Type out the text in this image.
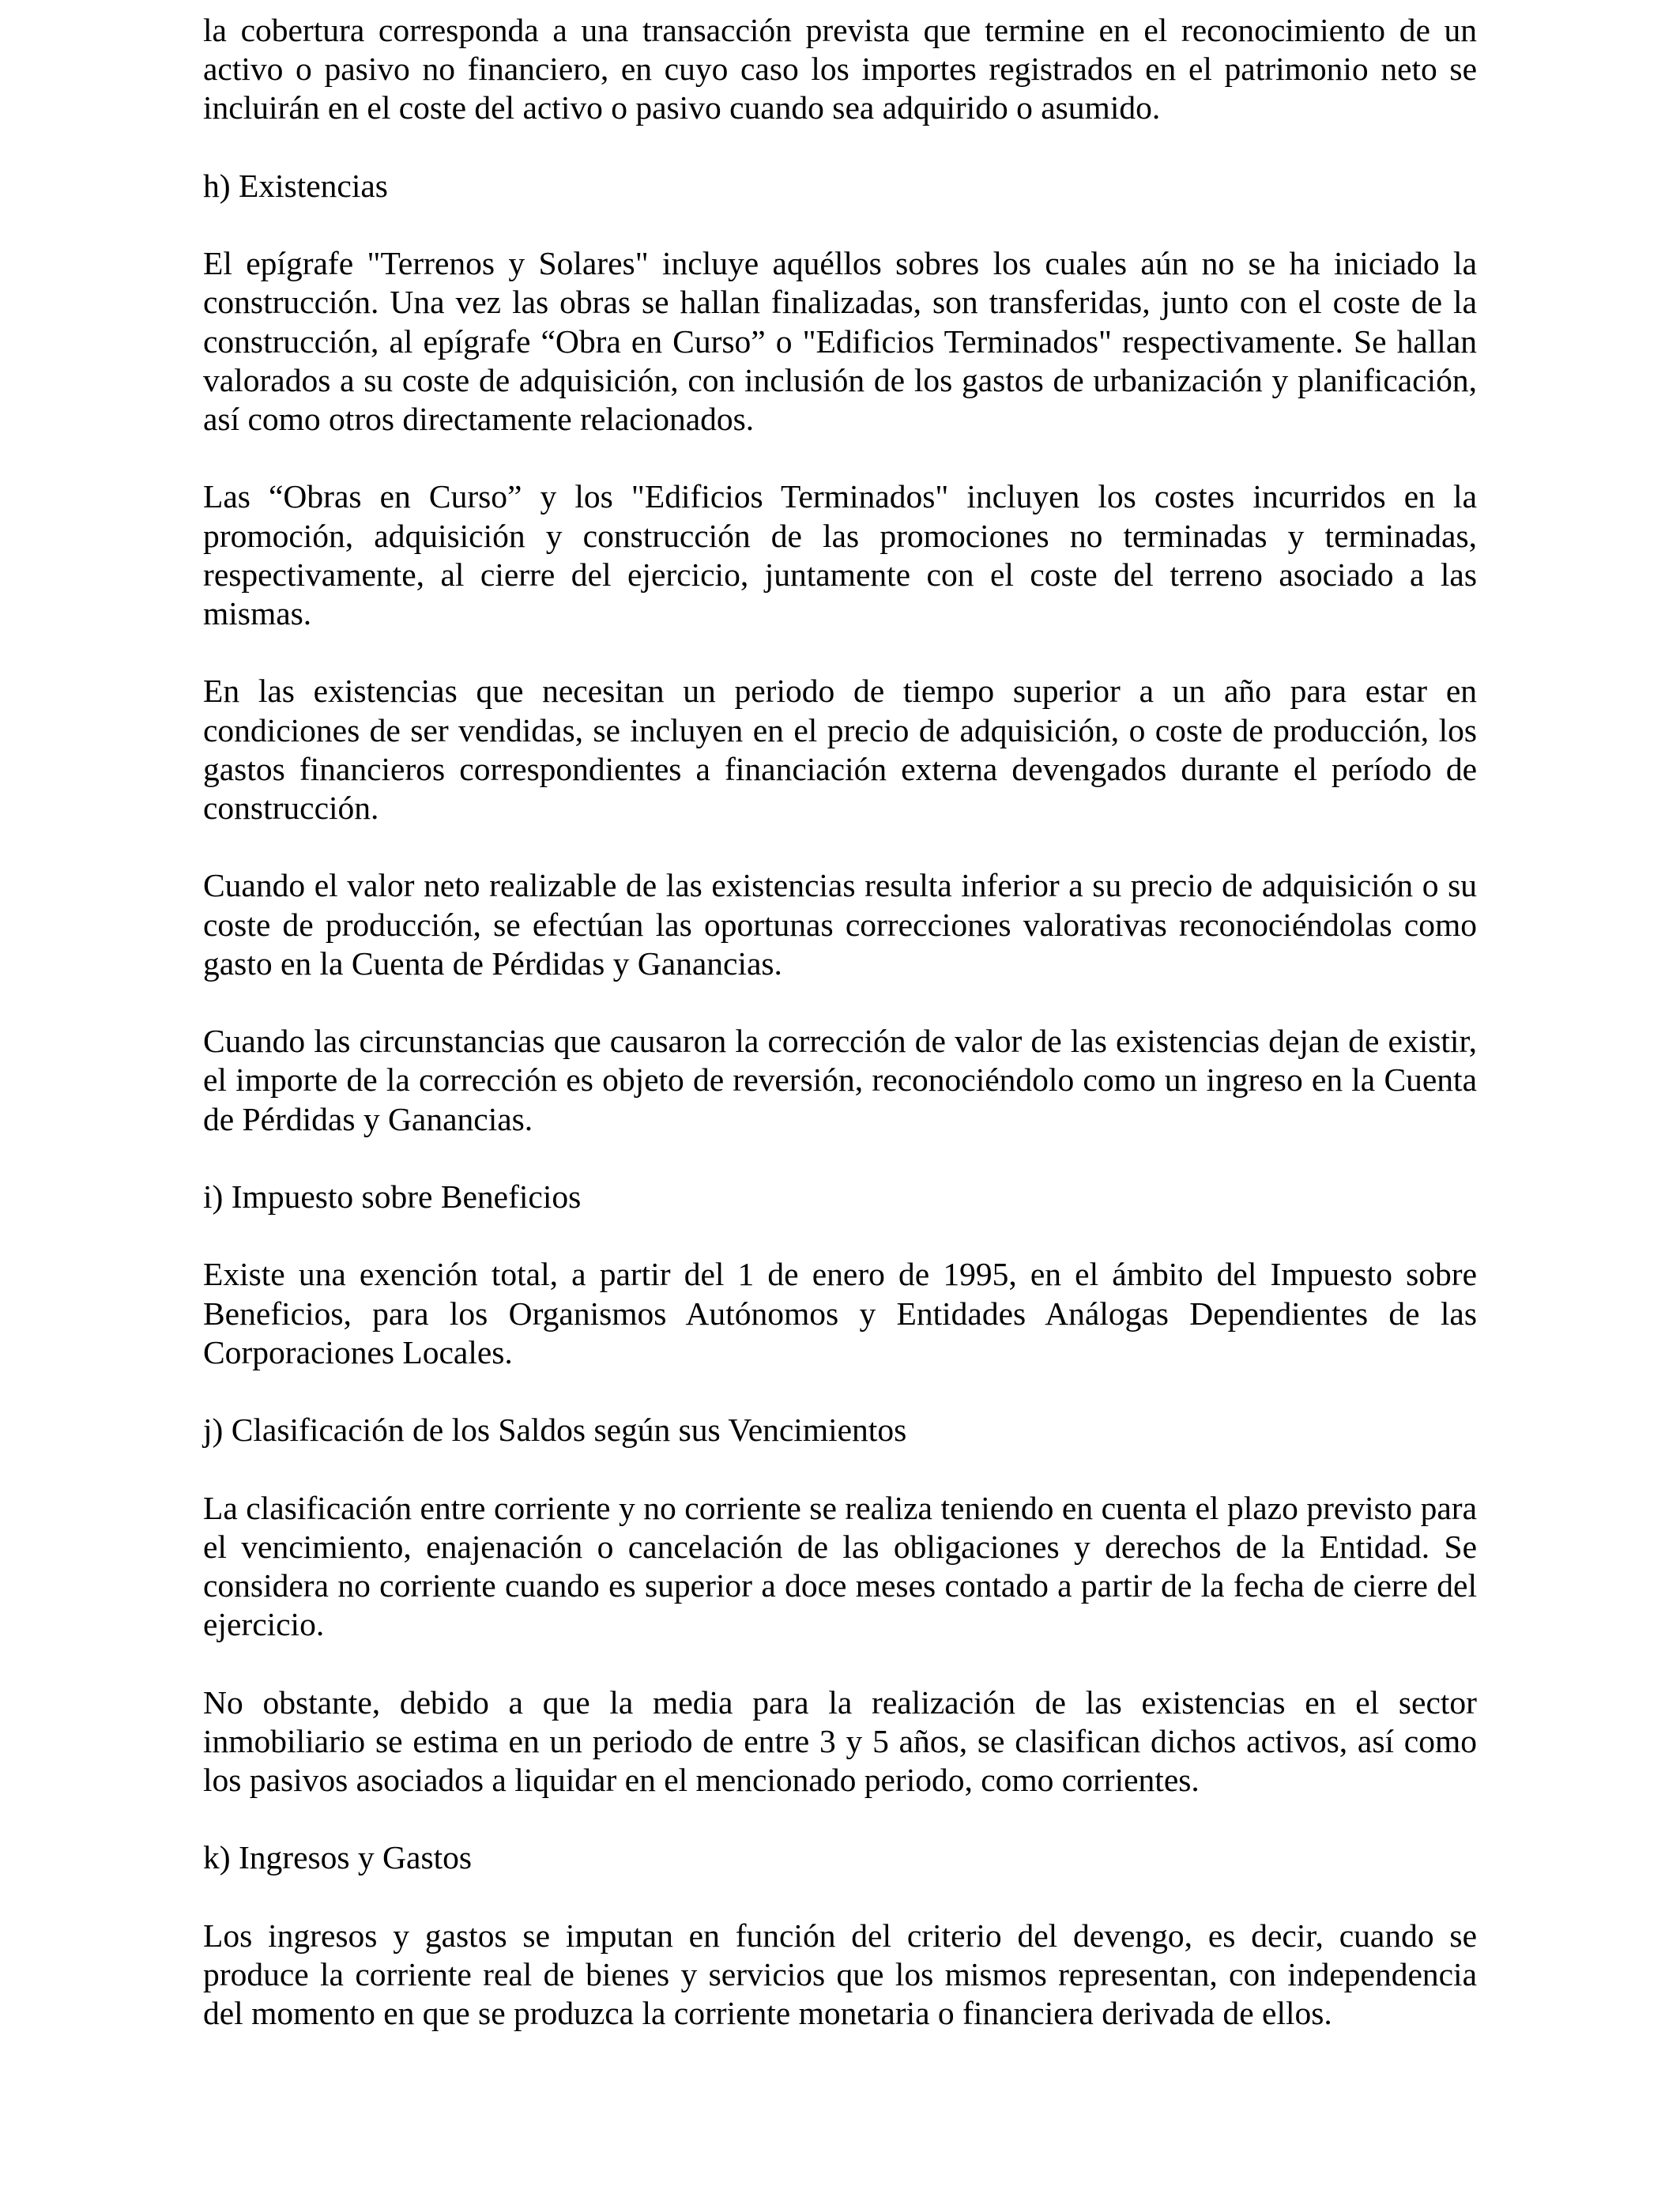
la cobertura corresponda a una transacción prevista que termine en el reconocimiento de un activo o pasivo no financiero, en cuyo caso los importes registrados en el patrimonio neto se incluirán en el coste del activo o pasivo cuando sea adquirido o asumido.

h) Existencias

El epígrafe "Terrenos y Solares" incluye aquéllos sobres los cuales aún no se ha iniciado la construcción. Una vez las obras se hallan finalizadas, son transferidas, junto con el coste de la construcción, al epígrafe “Obra en Curso” o "Edificios Terminados" respectivamente. Se hallan valorados a su coste de adquisición, con inclusión de los gastos de urbanización y planificación, así como otros directamente relacionados.

Las “Obras en Curso” y los "Edificios Terminados" incluyen los costes incurridos en la promoción, adquisición y construcción de las promociones no terminadas y terminadas, respectivamente, al cierre del ejercicio, juntamente con el coste del terreno asociado a las mismas.

En las existencias que necesitan un periodo de tiempo superior a un año para estar en condiciones de ser vendidas, se incluyen en el precio de adquisición, o coste de producción, los gastos financieros correspondientes a financiación externa devengados durante el período de construcción.

Cuando el valor neto realizable de las existencias resulta inferior a su precio de adquisición o su coste de producción, se efectúan las oportunas correcciones valorativas reconociéndolas como gasto en la Cuenta de Pérdidas y Ganancias.

Cuando las circunstancias que causaron la corrección de valor de las existencias dejan de existir, el importe de la corrección es objeto de reversión, reconociéndolo como un ingreso en la Cuenta de Pérdidas y Ganancias.

i) Impuesto sobre Beneficios

Existe una exención total, a partir del 1 de enero de 1995, en el ámbito del Impuesto sobre Beneficios, para los Organismos Autónomos y Entidades Análogas Dependientes de las Corporaciones Locales.

j) Clasificación de los Saldos según sus Vencimientos

La clasificación entre corriente y no corriente se realiza teniendo en cuenta el plazo previsto para el vencimiento, enajenación o cancelación de las obligaciones y derechos de la Entidad. Se considera no corriente cuando es superior a doce meses contado a partir de la fecha de cierre del ejercicio.

No obstante, debido a que la media para la realización de las existencias en el sector inmobiliario se estima en un periodo de entre 3 y 5 años, se clasifican dichos activos, así como los pasivos asociados a liquidar en el mencionado periodo, como corrientes.

k) Ingresos y Gastos

Los ingresos y gastos se imputan en función del criterio del devengo, es decir, cuando se produce la corriente real de bienes y servicios que los mismos representan, con independencia del momento en que se produzca la corriente monetaria o financiera derivada de ellos.
